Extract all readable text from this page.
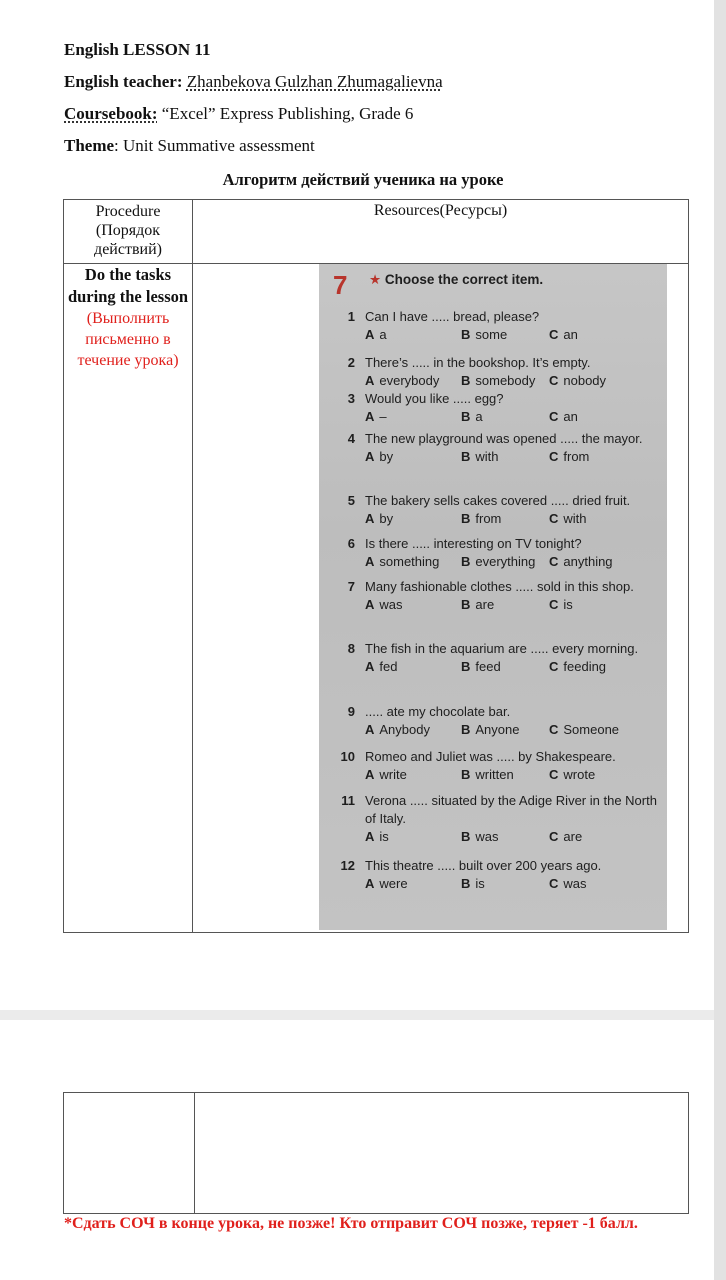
English LESSON 11
English teacher: Zhanbekova Gulzhan Zhumagalievna
Coursebook: “Excel” Express Publishing, Grade 6
Theme: Unit Summative assessment
Алгоритм действий ученика на уроке
Procedure (Порядок действий)	Resources(Ресурсы)
Do the tasks during the lesson
(Выполнить письменно в течение урока)	
7 ★ Choose the correct item.
1 Can I have ..... bread, please?
A a	B some	C an
2 There’s ..... in the bookshop. It’s empty.
A everybody B somebody C nobody
3 Would you like ..... egg?
A –	B a	C an
4 The new playground was opened ..... the mayor.
A by	B with	C from
5 The bakery sells cakes covered ..... dried fruit.
A by	B from	C with
6 Is there ..... interesting on TV tonight?
A something B everything C anything
7 Many fashionable clothes ..... sold in this shop.
A was	B are	C is
8 The fish in the aquarium are ..... every morning.
A fed	B feed	C feeding
9 ..... ate my chocolate bar.
A Anybody B Anyone C Someone
10 Romeo and Juliet was ..... by Shakespeare.
A write	B written	C wrote
11 Verona ..... situated by the Adige River in the North of Italy.
A is	B was	C are
12 This theatre ..... built over 200 years ago.
A were	B is	C was

*Сдать СОЧ в конце урока, не позже! Кто отправит СОЧ позже, теряет -1 балл.
